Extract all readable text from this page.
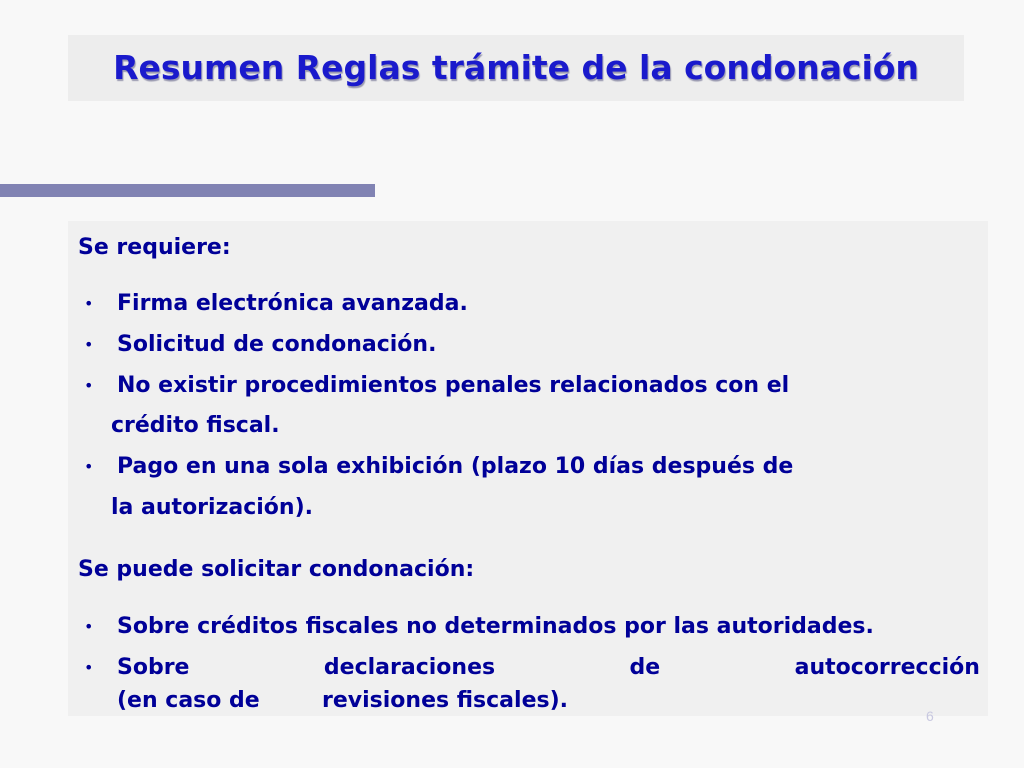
Resumen Reglas trámite de la condonación
Se requiere:
• Firma electrónica avanzada.
• Solicitud de condonación.
• No existir procedimientos penales relacionados con el
crédito fiscal.
• Pago en una sola exhibición (plazo 10 días después de
la autorización).
Se puede solicitar condonación:
• Sobre créditos fiscales no determinados por las autoridades.
• Sobre	declaraciones	de	autocorrección
(en caso de	revisiones fiscales).
6
